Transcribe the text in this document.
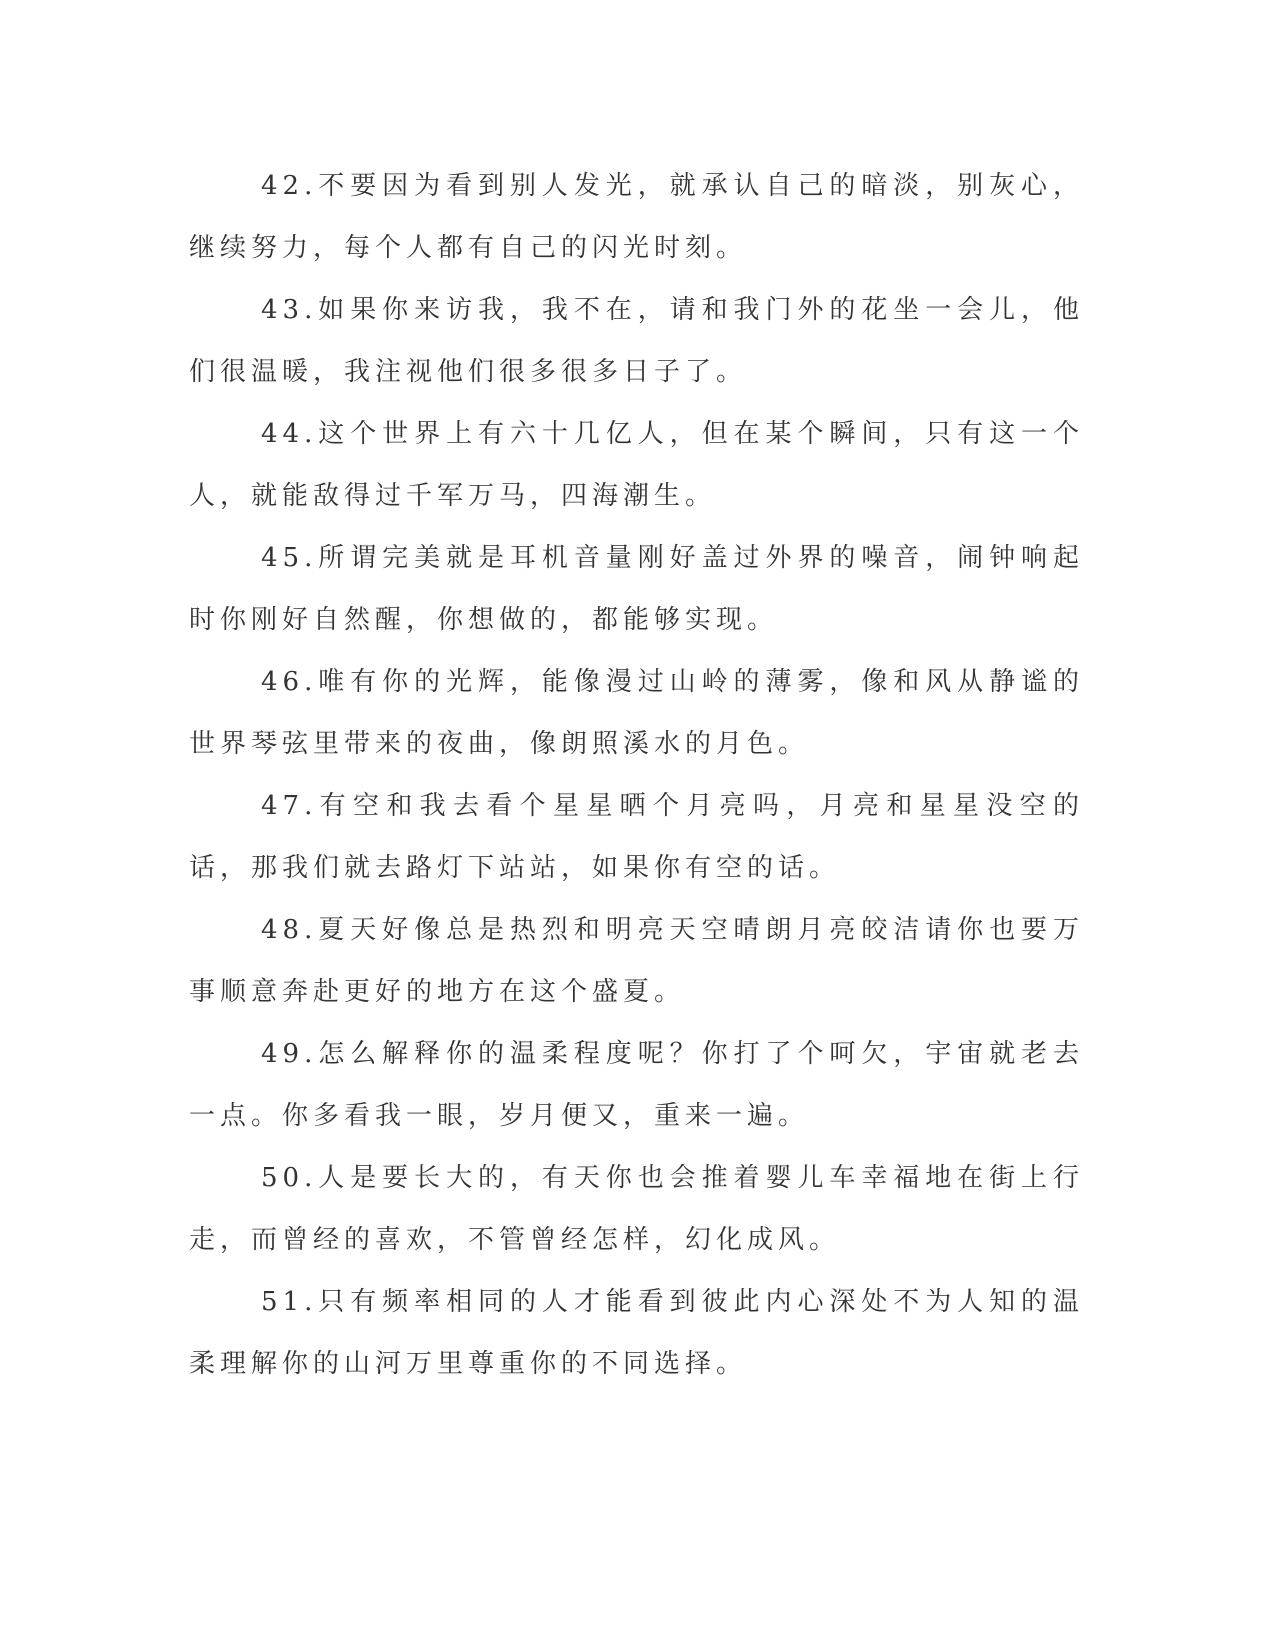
42.不要因为看到别人发光，就承认自己的暗淡，别灰心，继续努力，每个人都有自己的闪光时刻。

43.如果你来访我，我不在，请和我门外的花坐一会儿，他们很温暖，我注视他们很多很多日子了。

44.这个世界上有六十几亿人，但在某个瞬间，只有这一个人，就能敌得过千军万马，四海潮生。

45.所谓完美就是耳机音量刚好盖过外界的噪音，闹钟响起时你刚好自然醒，你想做的，都能够实现。

46.唯有你的光辉，能像漫过山岭的薄雾，像和风从静谧的世界琴弦里带来的夜曲，像朗照溪水的月色。

47.有空和我去看个星星晒个月亮吗，月亮和星星没空的话，那我们就去路灯下站站，如果你有空的话。

48.夏天好像总是热烈和明亮天空晴朗月亮皎洁请你也要万事顺意奔赴更好的地方在这个盛夏。

49.怎么解释你的温柔程度呢？你打了个呵欠，宇宙就老去一点。你多看我一眼，岁月便又，重来一遍。

50.人是要长大的，有天你也会推着婴儿车幸福地在街上行走，而曾经的喜欢，不管曾经怎样，幻化成风。

51.只有频率相同的人才能看到彼此内心深处不为人知的温柔理解你的山河万里尊重你的不同选择。
